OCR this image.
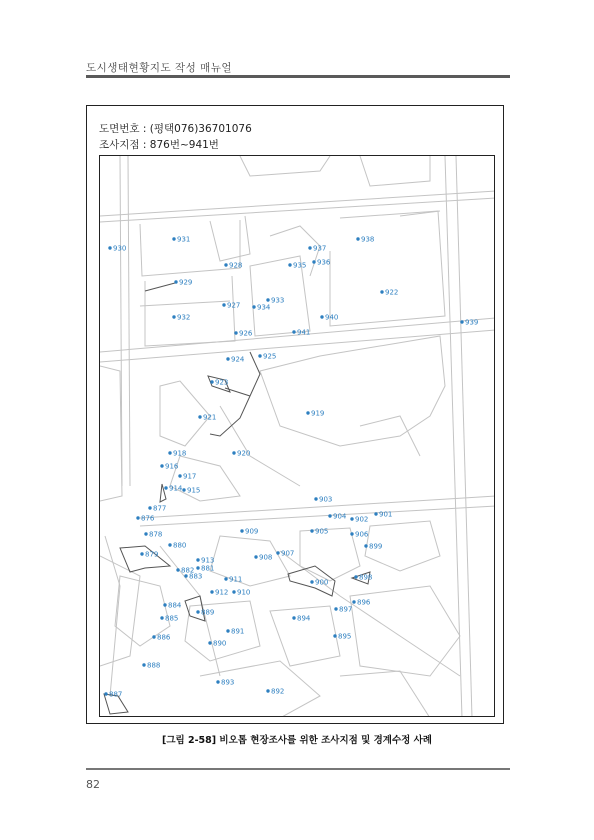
도시생태현황지도 작성 매뉴얼
도면번호 : (평택076)36701076
조사지점 : 876번~941번
876
877
878
879
880
881
882
883
884
885
886
887
888
889
890
891
892
893
894
895
896
897
898
899
900
901
902
903
904
905	906
907
908
909
910
911
912
913
914 915
916
917
918
919
920
921
922
923
924	925
926
927
928
929
930
931
932
933
934
935 936
937
938
939
940
941
[그림 2-58] 비오톱 현장조사를 위한 조사지점 및 경계수정 사례
82
